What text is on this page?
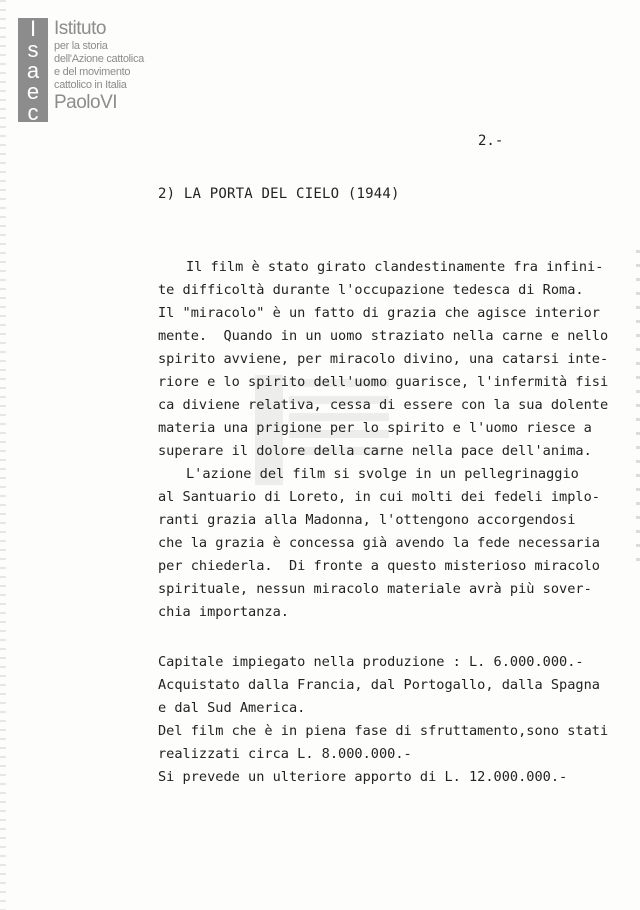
I
s
a
e
c
Istituto
per la storia
dell'Azione cattolica
e del movimento
cattolico in Italia
PaoloVI
2.-
2) LA PORTA DEL CIELO (1944)
Il film è stato girato clandestinamente fra infini-
te difficoltà durante l'occupazione tedesca di Roma.
Il "miracolo" è un fatto di grazia che agisce interior
mente.  Quando in un uomo straziato nella carne e nello
spirito avviene, per miracolo divino, una catarsi inte-
riore e lo spirito dell'uomo guarisce, l'infermità fisi
ca diviene relativa, cessa di essere con la sua dolente
materia una prigione per lo spirito e l'uomo riesce a
superare il dolore della carne nella pace dell'anima.
L'azione del film si svolge in un pellegrinaggio
al Santuario di Loreto, in cui molti dei fedeli implo-
ranti grazia alla Madonna, l'ottengono accorgendosi
che la grazia è concessa già avendo la fede necessaria
per chiederla.  Di fronte a questo misterioso miracolo
spirituale, nessun miracolo materiale avrà più sover-
chia importanza.
Capitale impiegato nella produzione : L. 6.000.000.-
Acquistato dalla Francia, dal Portogallo, dalla Spagna
e dal Sud America.
Del film che è in piena fase di sfruttamento,sono stati
realizzati circa L. 8.000.000.-
Si prevede un ulteriore apporto di L. 12.000.000.-
